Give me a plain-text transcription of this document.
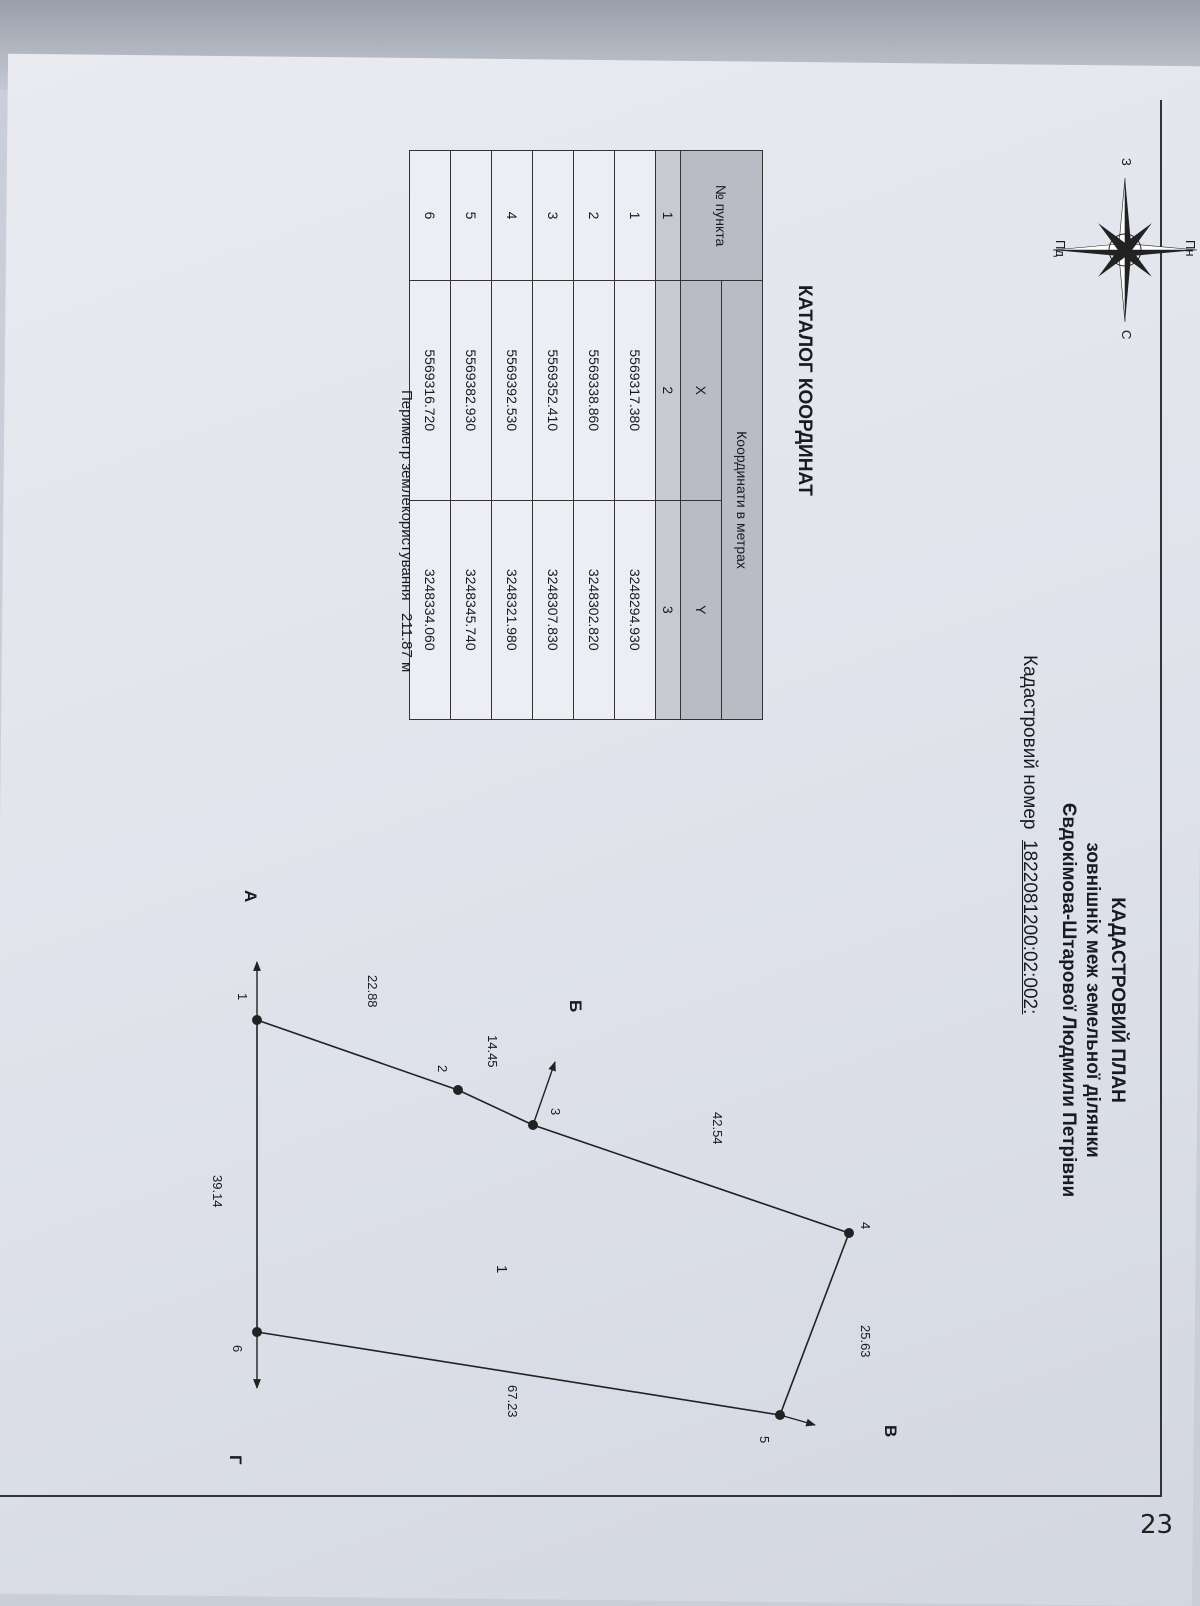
23
КАДАСТРОВИЙ ПЛАН
зовнішніх меж земельної ділянки
Євдокімова-Штарової Людмили Петрівни
Кадастровий номер  1822081200:02:002:
Пн
Пд
З
С
КАТАЛОГ КООРДИНАТ
№ пункта	Координати в метрах	
	X	Y
1	2	3
1	5569317.380	3248294.930
2	5569338.860	3248302.820
3	5569352.410	3248307.830
4	5569392.530	3248321.980
5	5569382.930	3248345.740
6	5569316.720	3248334.060
Периметр землекористування   211.87 м
1
2
3
4
5
6
А
Б
В
Г
22.88
14.45
42.54
25.63
67.23
39.14
1
